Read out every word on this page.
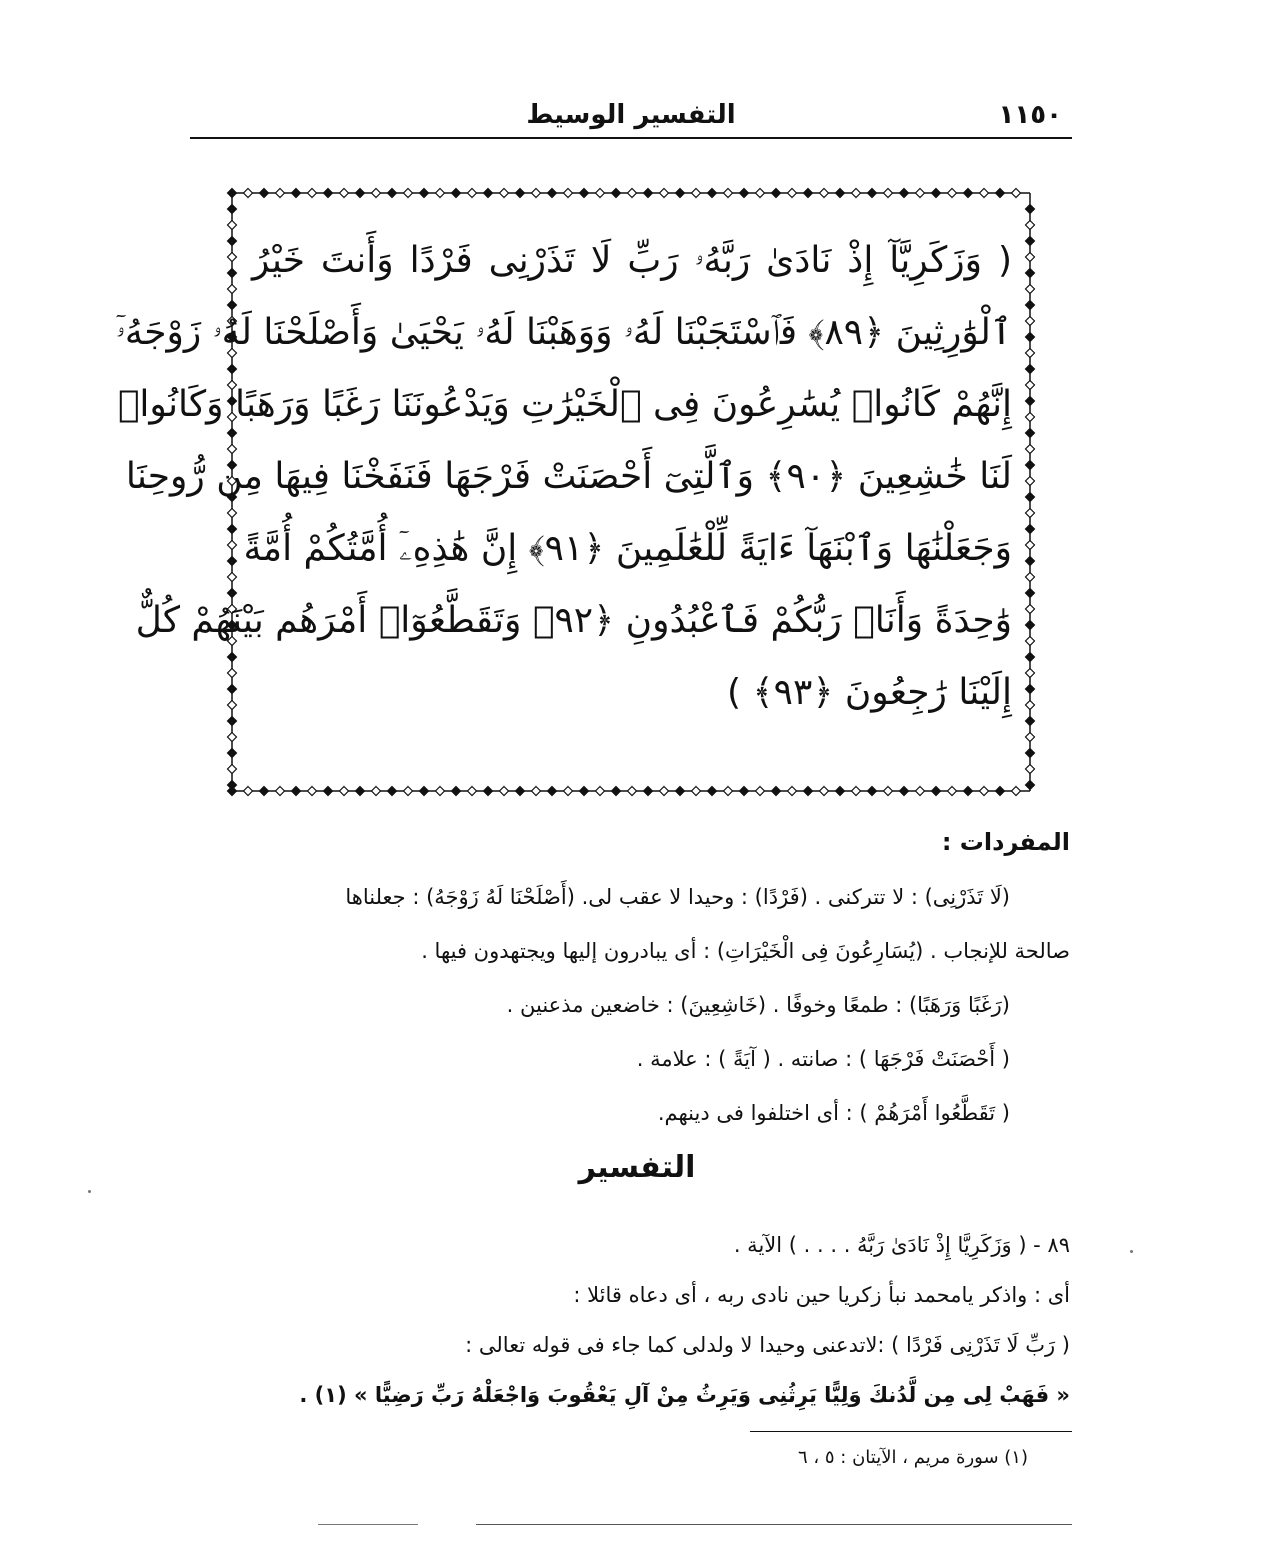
١١٥٠
التفسير الوسيط
( وَزَكَرِيَّآ إِذْ نَادَىٰ رَبَّهُۥ رَبِّ لَا تَذَرْنِى فَرْدًا وَأَنتَ خَيْرُ
ٱلْوَٰرِثِينَ ﴿٨٩﴾ فَٱسْتَجَبْنَا لَهُۥ وَوَهَبْنَا لَهُۥ يَحْيَىٰ وَأَصْلَحْنَا لَهُۥ زَوْجَهُۥٓ
إِنَّهُمْ كَانُوا۟ يُسَٰرِعُونَ فِى ٱلْخَيْرَٰتِ وَيَدْعُونَنَا رَغَبًا وَرَهَبًا وَكَانُوا۟
لَنَا خَٰشِعِينَ ﴿٩٠﴾ وَٱلَّتِىٓ أَحْصَنَتْ فَرْجَهَا فَنَفَخْنَا فِيهَا مِن رُّوحِنَا
وَجَعَلْنَٰهَا وَٱبْنَهَآ ءَايَةً لِّلْعَٰلَمِينَ ﴿٩١﴾ إِنَّ هَٰذِهِۦٓ أُمَّتُكُمْ أُمَّةً
وَٰحِدَةً وَأَنَا۠ رَبُّكُمْ فَٱعْبُدُونِ ﴿٩٢﴾ وَتَقَطَّعُوٓا۟ أَمْرَهُم بَيْنَهُمْ كُلٌّ
إِلَيْنَا رَٰجِعُونَ ﴿٩٣﴾ )
المفردات :
(لَا تَذَرْنِى) : لا تتركنى . (فَرْدًا) : وحيدا لا عقب لى. (أَصْلَحْنَا لَهُ زَوْجَهُ) : جعلناها
صالحة للإنجاب . (يُسَارِعُونَ فِى الْخَيْرَاتِ) : أى يبادرون إليها ويجتهدون فيها .
(رَغَبًا وَرَهَبًا) : طمعًا وخوفًا . (خَاشِعِينَ) : خاضعين مذعنين .
( أَحْصَنَتْ فَرْجَهَا ) : صانته . ( آيَةً ) : علامة .
( تَقَطَّعُوا أَمْرَهُمْ ) : أى اختلفوا فى دينهم.
التفسير
٨٩ - ( وَزَكَرِيَّا إِذْ نَادَىٰ رَبَّهُ . . . . ) الآية .
أى : واذكر يامحمد نبأ زكريا حين نادى ربه ، أى دعاه قائلا :
( رَبِّ لَا تَذَرْنِى فَرْدًا ) :لاتدعنى وحيدا لا ولدلى كما جاء فى قوله تعالى :
« فَهَبْ لِى مِن لَّدُنكَ وَلِيًّا يَرِثُنِى وَيَرِثُ مِنْ آلِ يَعْقُوبَ وَاجْعَلْهُ رَبِّ رَضِيًّا » (١) .
(١) سورة مريم ، الآيتان : ٥ ، ٦
